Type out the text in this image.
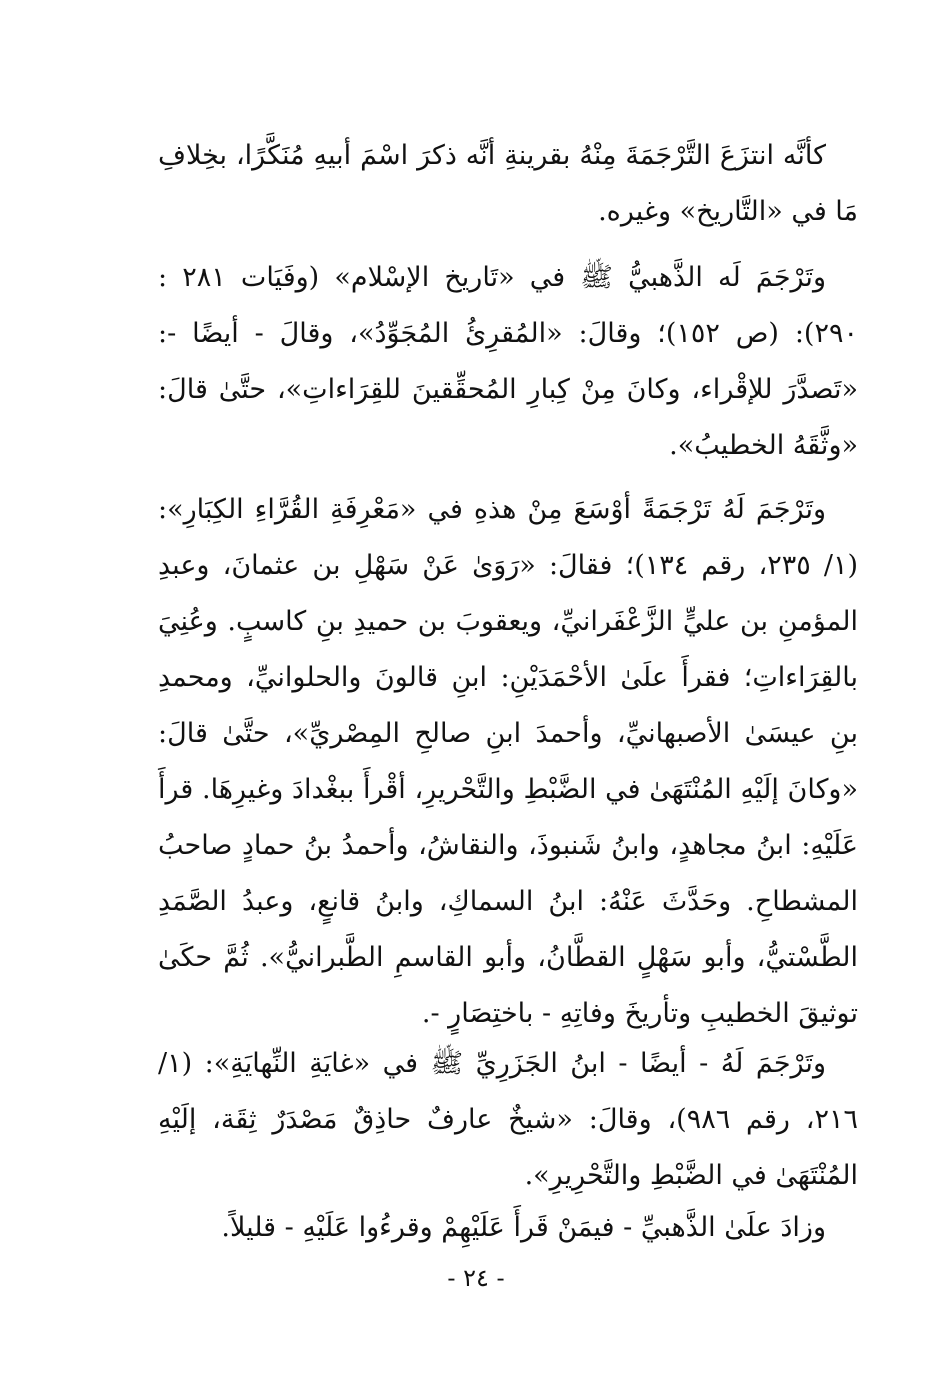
كأنَّه انتزَعَ التَّرْجَمَةَ مِنْهُ بقرينةِ أنَّه ذكرَ اسْمَ أبيهِ مُنَكَّرًا، بخِلافِ مَا في «التَّاريخ» وغيره.

وتَرْجَمَ لَه الذَّهبيُّ ﷺ في «تَاريخ الإسْلام» (وفَيَات ٢٨١ : ٢٩٠): (ص ١٥٢)؛ وقالَ: «المُقرِئُ المُجَوِّدُ»، وقالَ - أيضًا -: «تَصدَّرَ للإقْراء، وكانَ مِنْ كِبارِ المُحقِّقينَ للقِرَاءاتِ»، حتَّىٰ قالَ: «وثَّقَهُ الخطيبُ».

وتَرْجَمَ لَهُ تَرْجَمَةً أوْسَعَ مِنْ هذهِ في «مَعْرِفَةِ القُرَّاءِ الكِبَارِ»: (١/ ٢٣٥، رقم ١٣٤)؛ فقالَ: «رَوَىٰ عَنْ سَهْلِ بن عثمانَ، وعبدِ المؤمنِ بن عليٍّ الزَّعْفَرانيِّ، ويعقوبَ بن حميدِ بنِ كاسبٍ. وعُنِيَ بالقِرَاءاتِ؛ فقرأَ علَىٰ الأحْمَدَيْنِ: ابنِ قالونَ والحلوانيِّ، ومحمدِ بنِ عيسَىٰ الأصبهانيِّ، وأحمدَ ابنِ صالحِ المِصْريِّ»، حتَّىٰ قالَ: «وكانَ إلَيْهِ المُنْتَهَىٰ في الضَّبْطِ والتَّحْريرِ، أقْرأَ ببغْدادَ وغيرِهَا. قرأَ عَلَيْهِ: ابنُ مجاهدٍ، وابنُ شَنبوذَ، والنقاشُ، وأحمدُ بنُ حمادٍ صاحبُ المشطاحِ. وحَدَّثَ عَنْهُ: ابنُ السماكِ، وابنُ قانعٍ، وعبدُ الصَّمَدِ الطَّسْتيُّ، وأبو سَهْلٍ القطَّانُ، وأبو القاسمِ الطَّبرانيُّ». ثُمَّ حكَىٰ توثيقَ الخطيبِ وتأريخَ وفاتِهِ - باختِصَارٍ -.

وتَرْجَمَ لَهُ - أيضًا - ابنُ الجَزَرِيِّ ﷺ في «غايَةِ النِّهايَةِ»: (١/ ٢١٦، رقم ٩٨٦)، وقالَ: «شيخٌ عارفٌ حاذِقٌ مَصْدَرٌ ثِقَة، إلَيْهِ المُنْتَهَىٰ في الضَّبْطِ والتَّحْرِيرِ».

وزادَ علَىٰ الذَّهبيِّ - فيمَنْ قَرأَ عَلَيْهِمْ وقرءُوا عَلَيْهِ - قليلاً.

- ٢٤ -
